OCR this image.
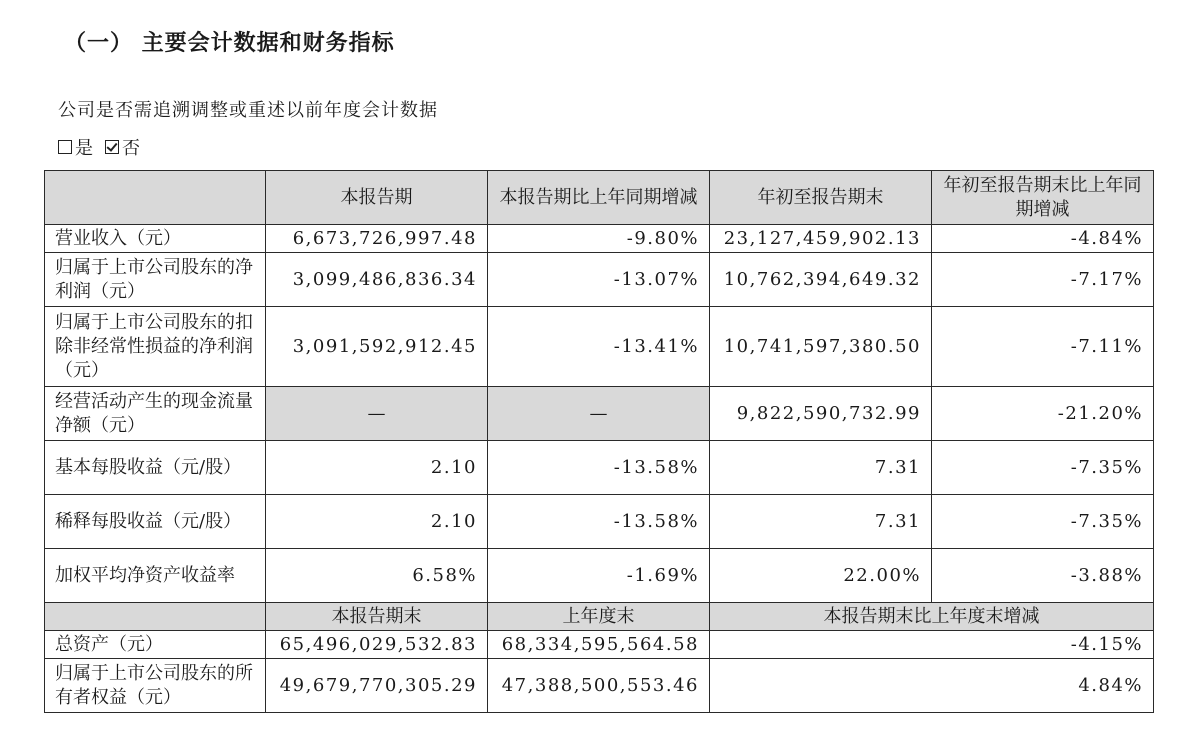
（一） 主要会计数据和财务指标
公司是否需追溯调整或重述以前年度会计数据
是 否
	本报告期	本报告期比上年同期增减	年初至报告期末	年初至报告期末比上年同期增减
营业收入（元）	6,673,726,997.48	-9.80%	23,127,459,902.13	-4.84%
归属于上市公司股东的净利润（元）	3,099,486,836.34	-13.07%	10,762,394,649.32	-7.17%
归属于上市公司股东的扣除非经常性损益的净利润（元）	3,091,592,912.45	-13.41%	10,741,597,380.50	-7.11%
经营活动产生的现金流量净额（元）	—	—	9,822,590,732.99	-21.20%
基本每股收益（元/股）	2.10	-13.58%	7.31	-7.35%
稀释每股收益（元/股）	2.10	-13.58%	7.31	-7.35%
加权平均净资产收益率	6.58%	-1.69%	22.00%	-3.88%
	本报告期末	上年度末	本报告期末比上年度末增减	
总资产（元）	65,496,029,532.83	68,334,595,564.58	-4.15%	
归属于上市公司股东的所有者权益（元）	49,679,770,305.29	47,388,500,553.46	4.84%	
